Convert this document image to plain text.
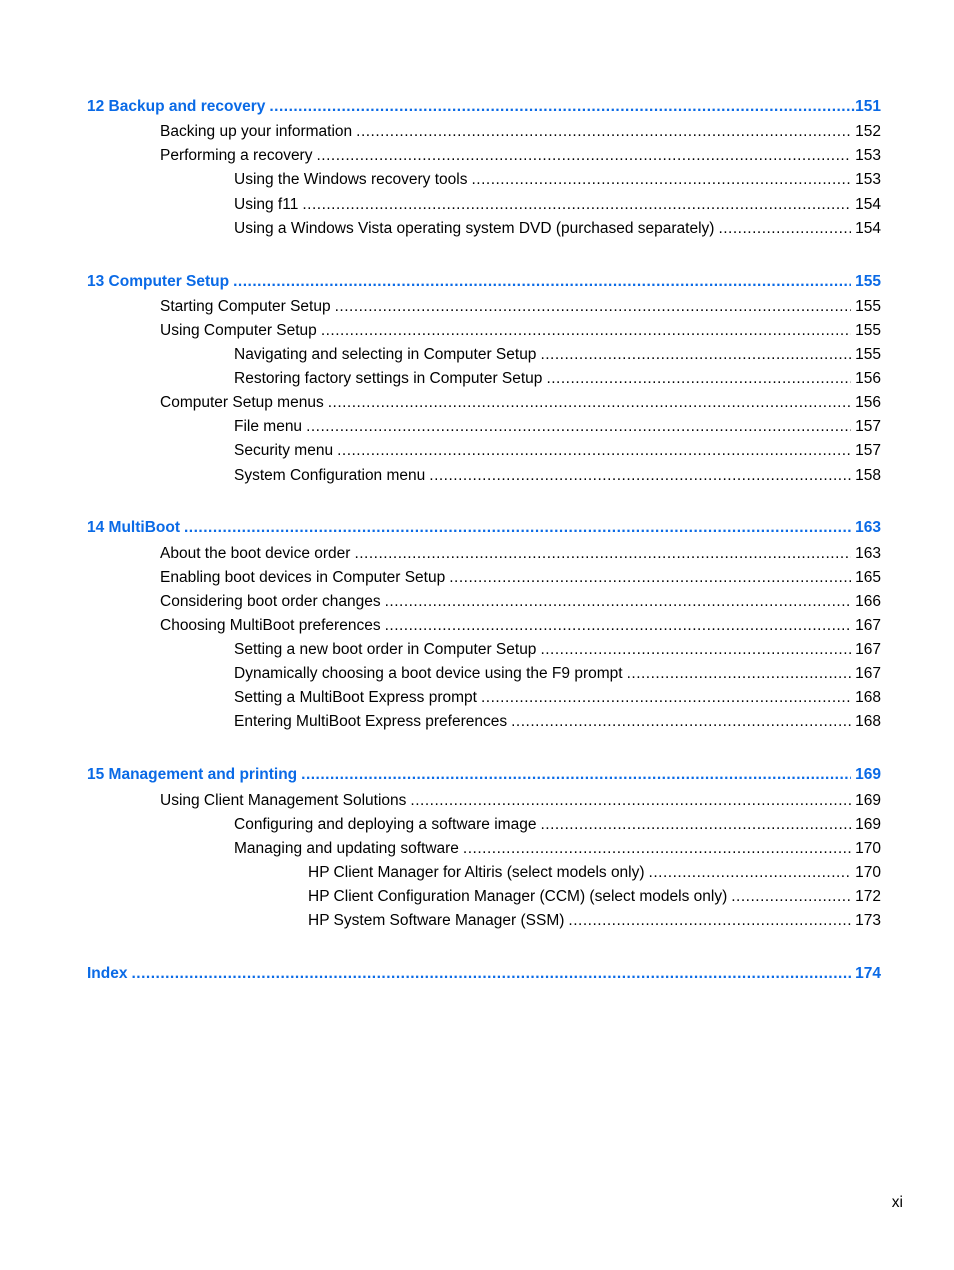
12 Backup and recovery .....	151
Backing up your information .....	152
Performing a recovery .....	153
Using the Windows recovery tools .....	153
Using f11 .....	154
Using a Windows Vista operating system DVD (purchased separately) .....	154
13 Computer Setup .....	155
Starting Computer Setup .....	155
Using Computer Setup .....	155
Navigating and selecting in Computer Setup .....	155
Restoring factory settings in Computer Setup .....	156
Computer Setup menus .....	156
File menu .....	157
Security menu .....	157
System Configuration menu .....	158
14 MultiBoot .....	163
About the boot device order .....	163
Enabling boot devices in Computer Setup .....	165
Considering boot order changes .....	166
Choosing MultiBoot preferences .....	167
Setting a new boot order in Computer Setup .....	167
Dynamically choosing a boot device using the F9 prompt .....	167
Setting a MultiBoot Express prompt .....	168
Entering MultiBoot Express preferences .....	168
15 Management and printing .....	169
Using Client Management Solutions .....	169
Configuring and deploying a software image .....	169
Managing and updating software .....	170
HP Client Manager for Altiris (select models only) .....	170
HP Client Configuration Manager (CCM) (select models only) .....	172
HP System Software Manager (SSM) .....	173
Index .....	174
xi
